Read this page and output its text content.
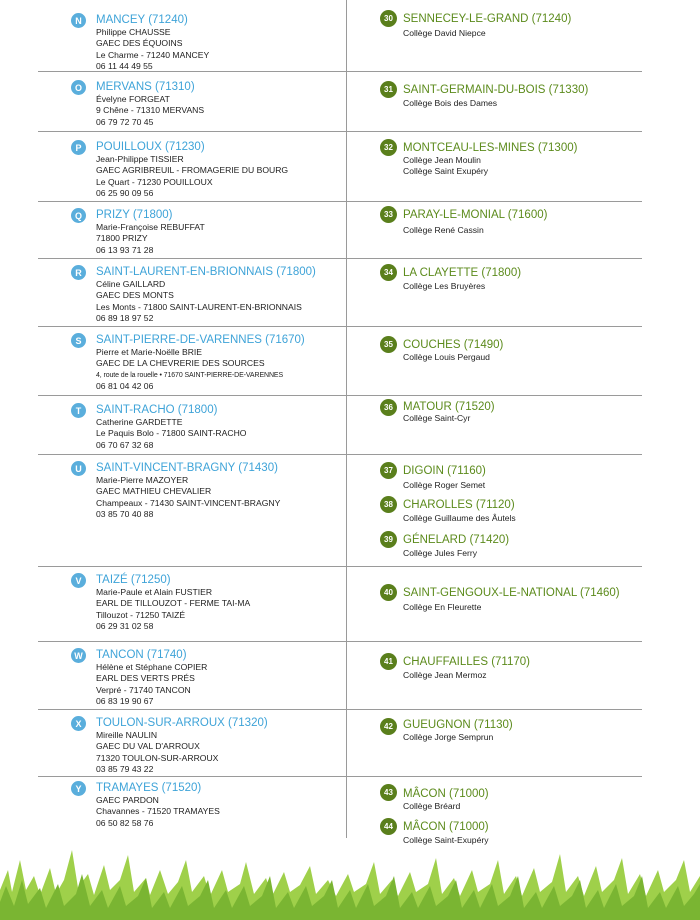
N	MANCEY (71240)
Philippe CHAUSSE
GAEC DES ÉQUOINS
Le Charme - 71240 MANCEY
06 11 44 49 55
O	MERVANS (71310)
Évelyne FORGEAT
9 Chêne - 71310 MERVANS
06 79 72 70 45
P	POUILLOUX (71230)
Jean-Philippe TISSIER
GAEC AGRIBREUIL - FROMAGERIE DU BOURG
Le Quart - 71230 POUILLOUX
06 25 90 09 56
Q	PRIZY (71800)
Marie-Françoise REBUFFAT
71800 PRIZY
06 13 93 71 28
R	SAINT-LAURENT-EN-BRIONNAIS (71800)
Céline GAILLARD
GAEC DES MONTS
Les Monts - 71800 SAINT-LAURENT-EN-BRIONNAIS
06 89 18 97 52
S	SAINT-PIERRE-DE-VARENNES (71670)
Pierre et Marie-Noëlle BRIE
GAEC DE LA CHEVRERIE DES SOURCES
4, route de la rouelle • 71670 SAINT-PIERRE-DE-VARENNES
06 81 04 42 06
T	SAINT-RACHO (71800)
Catherine GARDETTE
Le Paquis Bolo - 71800 SAINT-RACHO
06 70 67 32 68
U	SAINT-VINCENT-BRAGNY (71430)
Marie-Pierre MAZOYER
GAEC MATHIEU CHEVALIER
Champeaux - 71430 SAINT-VINCENT-BRAGNY
03 85 70 40 88
V	TAIZÉ (71250)
Marie-Paule et Alain FUSTIER
EARL DE TILLOUZOT - FERME TAI-MA
Tillouzot - 71250 TAIZÉ
06 29 31 02 58
W TANCON (71740)
Hélène et Stéphane COPIER
EARL DES VERTS PRÉS
Verpré - 71740 TANCON
06 83 19 90 67
X	TOULON-SUR-ARROUX (71320)
Mireille NAULIN
GAEC DU VAL D'ARROUX
71320 TOULON-SUR-ARROUX
03 85 79 43 22
Y	TRAMAYES (71520)
GAEC PARDON
Chavannes - 71520 TRAMAYES
06 50 82 58 76
30 SENNECEY-LE-GRAND (71240)
Collège David Niepce
31 SAINT-GERMAIN-DU-BOIS (71330)
Collège Bois des Dames
32 MONTCEAU-LES-MINES (71300)
Collège Jean Moulin
Collège Saint Exupéry
33 PARAY-LE-MONIAL (71600)
Collège René Cassin
34 LA CLAYETTE (71800)
Collège Les Bruyères
35 COUCHES (71490)
Collège Louis Pergaud
36 MATOUR (71520)
Collège Saint-Cyr
37 DIGOIN (71160)
Collège Roger Semet
38 CHAROLLES (71120)
Collège Guillaume des Âutels
39 GÉNELARD (71420)
Collège Jules Ferry
40 SAINT-GENGOUX-LE-NATIONAL (71460)
Collège En Fleurette
41 CHAUFFAILLES (71170)
Collège Jean Mermoz
42 GUEUGNON (71130)
Collège Jorge Semprun
43 MÂCON (71000)
Collège Bréard
44 MÂCON (71000)
Collège Saint-Exupéry
